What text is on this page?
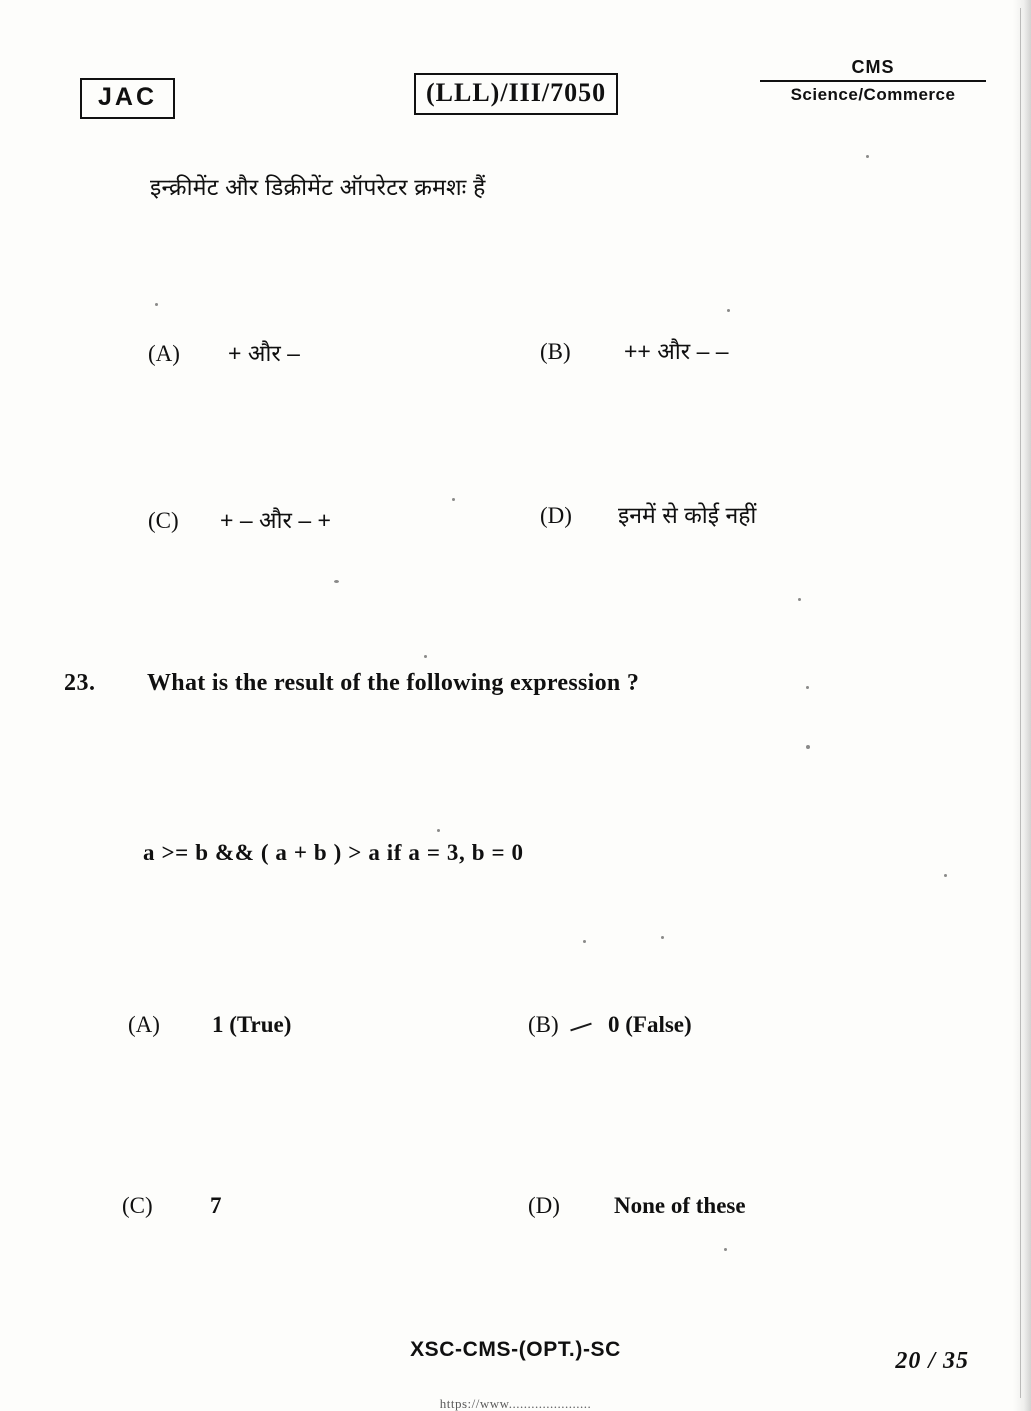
JAC	(LLL)/III/7050
CMS
Science/Commerce
इन्क्रीमेंट और डिक्रीमेंट ऑपरेटर क्रमशः हैं
(A) + और –	(B) ++ और – –
(C) + – और – +	(D) इनमें से कोई नहीं
23. What is the result of the following expression ?
a >= b && ( a + b ) > a if a = 3, b = 0
(A) 1 (True)	(B) 0 (False)
(C) 7	(D) None of these
XSC-CMS-(OPT.)-SC	20 / 35
https://www......................
